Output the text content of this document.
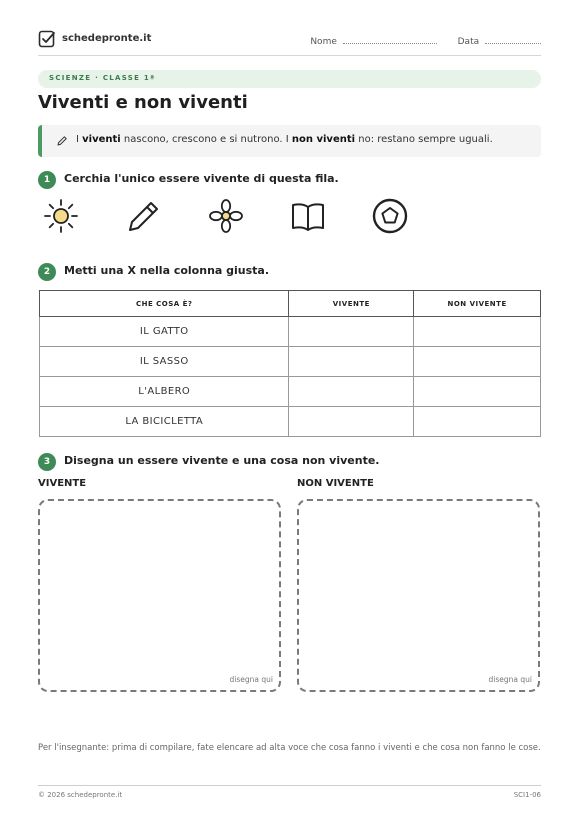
schedepronte.it	Nome	Data
SCIENZE · CLASSE 1ª
Viventi e non viventi
I viventi nascono, crescono e si nutrono. I non viventi no: restano sempre uguali.
1	Cerchia l'unico essere vivente di questa fila.
2	Metti una X nella colonna giusta.
CHE COSA È?	VIVENTE	NON VIVENTE
IL GATTO		
IL SASSO		
L'ALBERO		
LA BICICLETTA		
3	Disegna un essere vivente e una cosa non vivente.
VIVENTE	NON VIVENTE
disegna qui	disegna qui
Per l'insegnante: prima di compilare, fate elencare ad alta voce che cosa fanno i viventi e che cosa non fanno le cose.
© 2026 schedepronte.it	SCI1-06
